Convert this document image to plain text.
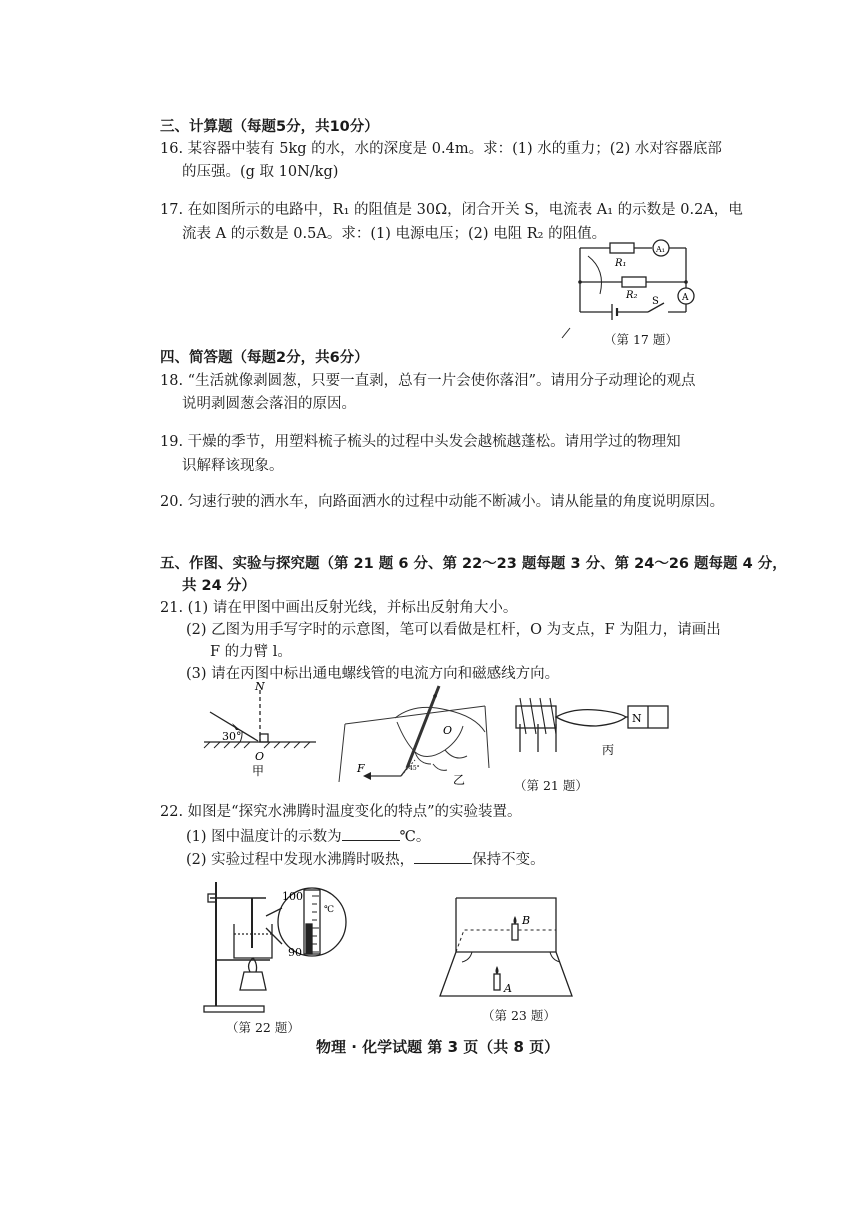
三、计算题（每题5分，共10分）
16. 某容器中装有 5kg 的水，水的深度是 0.4m。求：(1) 水的重力；(2) 水对容器底部
的压强。(g 取 10N/kg)
17. 在如图所示的电路中，R₁ 的阻值是 30Ω，闭合开关 S，电流表 A₁ 的示数是 0.2A，电
流表 A 的示数是 0.5A。求：(1) 电源电压；(2) 电阻 R₂ 的阻值。
R₁
R₂
A₁
A
S
（第 17 题）
四、简答题（每题2分，共6分）
18. “生活就像剥圆葱，只要一直剥，总有一片会使你落泪”。请用分子动理论的观点
说明剥圆葱会落泪的原因。
19. 干燥的季节，用塑料梳子梳头的过程中头发会越梳越蓬松。请用学过的物理知
识解释该现象。
20. 匀速行驶的洒水车，向路面洒水的过程中动能不断减小。请从能量的角度说明原因。
五、作图、实验与探究题（第 21 题 6 分、第 22～23 题每题 3 分、第 24～26 题每题 4 分，
共 24 分）
21. (1) 请在甲图中画出反射光线，并标出反射角大小。
(2) 乙图为用手写字时的示意图，笔可以看做是杠杆，O 为支点，F 为阻力，请画出
F 的力臂 l。
(3) 请在丙图中标出通电螺线管的电流方向和磁感线方向。
N
30°
O
甲
O
F	45°
乙
N
丙
（第 21 题）
22. 如图是“探究水沸腾时温度变化的特点”的实验装置。
(1) 图中温度计的示数为	℃。
(2) 实验过程中发现水沸腾时吸热，	保持不变。
100
90
℃
（第 22 题）
B
A
（第 23 题）
物理 · 化学试题 第 3 页（共 8 页）
